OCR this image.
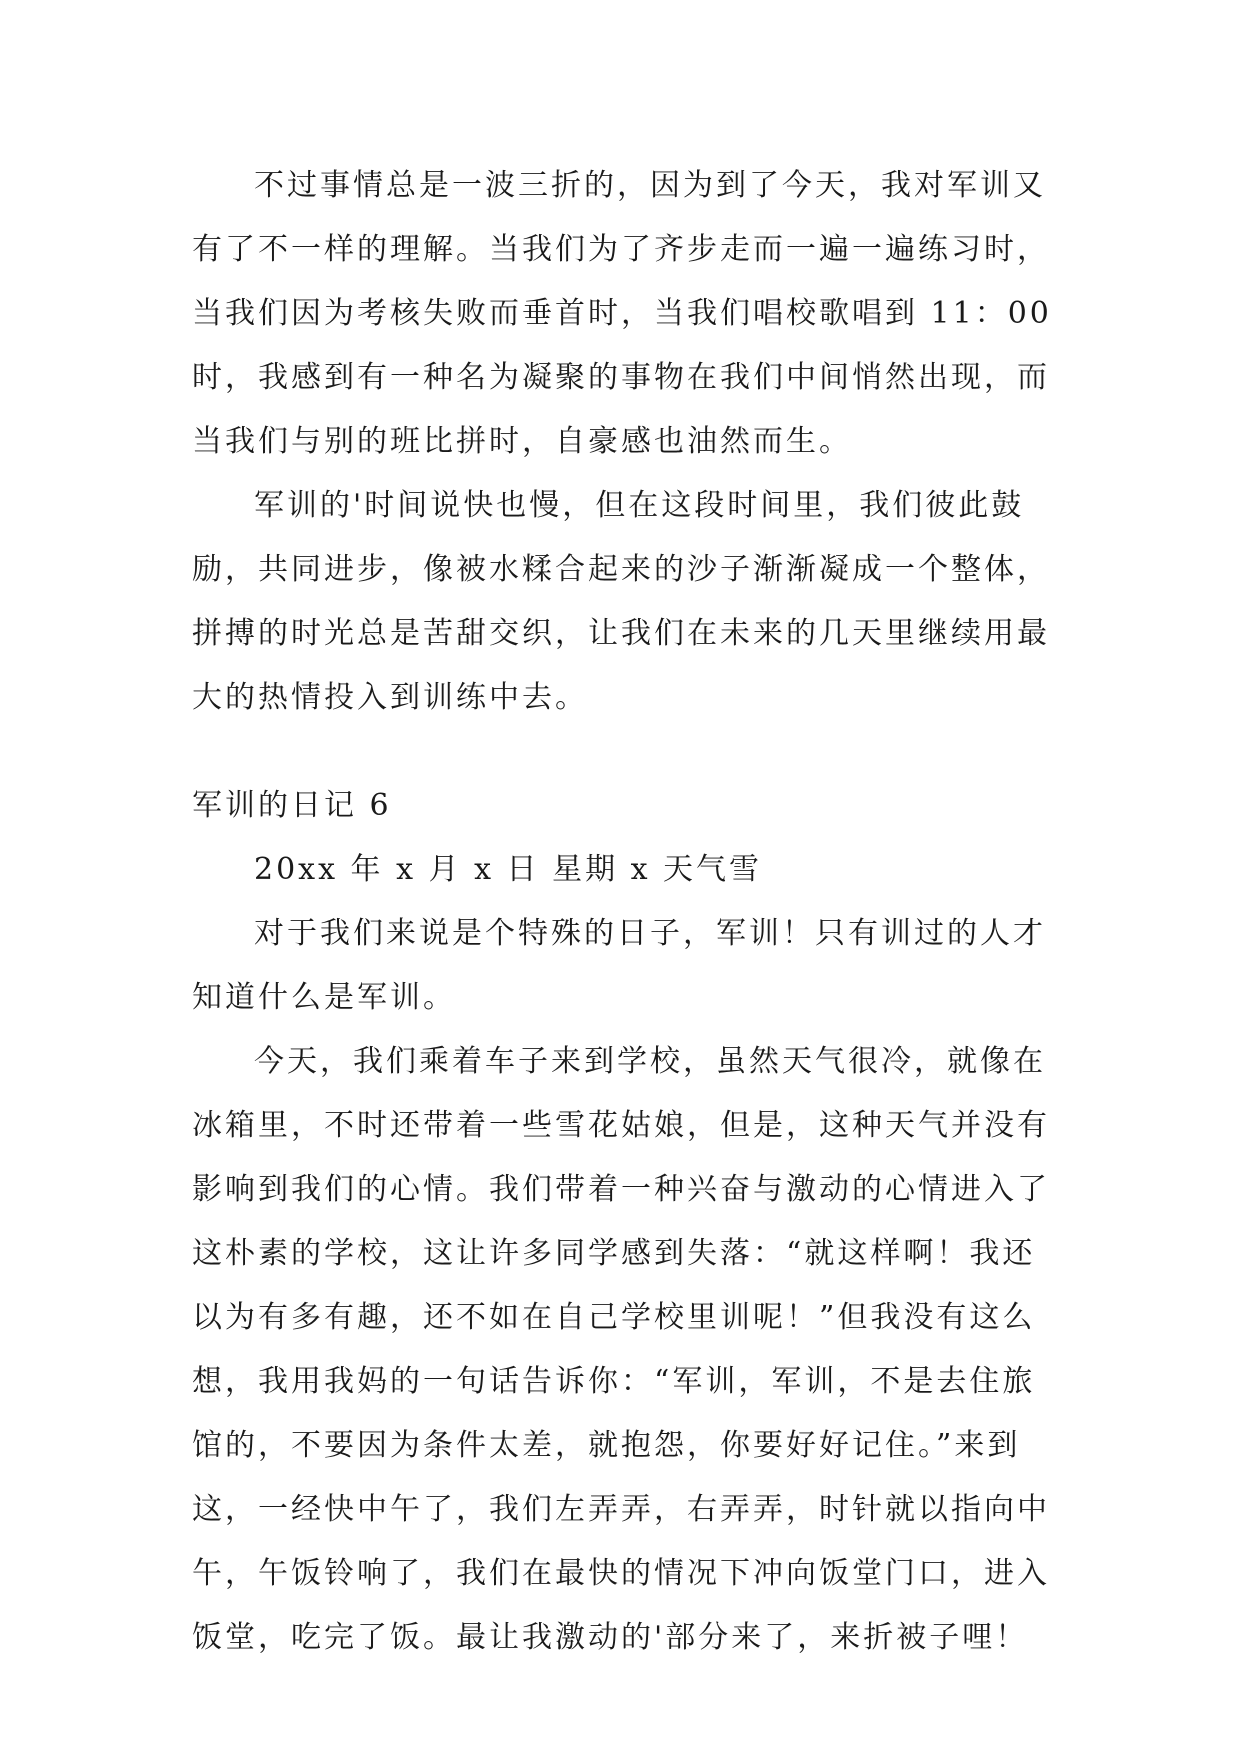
不过事情总是一波三折的，因为到了今天，我对军训又
有了不一样的理解。当我们为了齐步走而一遍一遍练习时，
当我们因为考核失败而垂首时，当我们唱校歌唱到 11：00
时，我感到有一种名为凝聚的事物在我们中间悄然出现，而
当我们与别的班比拼时，自豪感也油然而生。
军训的'时间说快也慢，但在这段时间里，我们彼此鼓
励，共同进步，像被水糅合起来的沙子渐渐凝成一个整体，
拼搏的时光总是苦甜交织，让我们在未来的几天里继续用最
大的热情投入到训练中去。
军训的日记 6
20xx 年 x 月 x 日 星期 x 天气雪
对于我们来说是个特殊的日子，军训！只有训过的人才
知道什么是军训。
今天，我们乘着车子来到学校，虽然天气很冷，就像在
冰箱里，不时还带着一些雪花姑娘，但是，这种天气并没有
影响到我们的心情。我们带着一种兴奋与激动的心情进入了
这朴素的学校，这让许多同学感到失落：“就这样啊！我还
以为有多有趣，还不如在自己学校里训呢！”但我没有这么
想，我用我妈的一句话告诉你：“军训，军训，不是去住旅
馆的，不要因为条件太差，就抱怨，你要好好记住。”来到
这，一经快中午了，我们左弄弄，右弄弄，时针就以指向中
午，午饭铃响了，我们在最快的情况下冲向饭堂门口，进入
饭堂，吃完了饭。最让我激动的'部分来了，来折被子哩！
